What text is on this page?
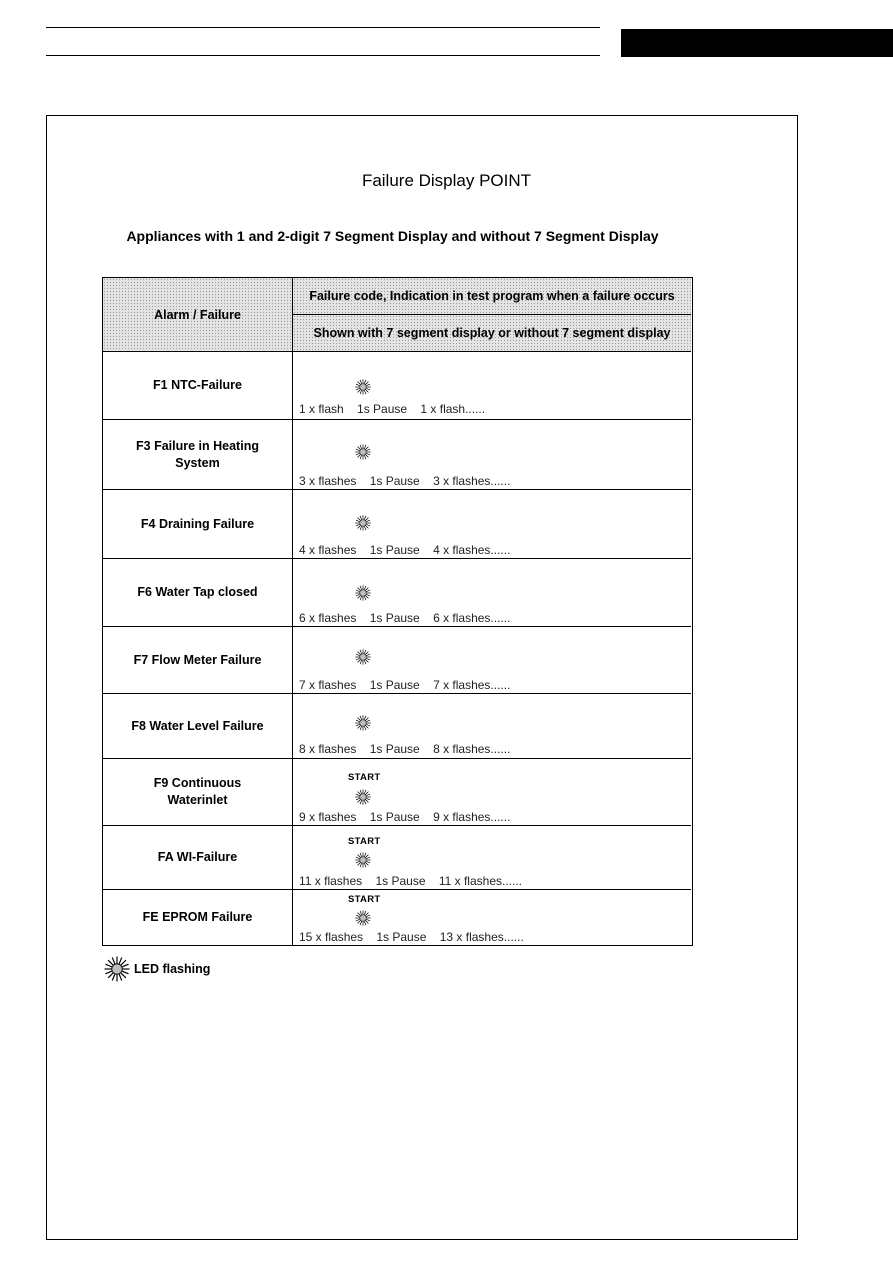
Failure Display POINT
Appliances with 1 and 2-digit 7 Segment Display and without 7 Segment Display
Alarm / Failure
Failure code, Indication in test program when a failure occurs
Shown with 7 segment display or without 7 segment display
F1 NTC-Failure
1 x flash    1s Pause    1 x flash......
F3 Failure in Heating System
3 x flashes    1s Pause    3 x flashes......
F4 Draining Failure
4 x flashes    1s Pause    4 x flashes......
F6 Water Tap closed
6 x flashes    1s Pause    6 x flashes......
F7 Flow Meter Failure
7 x flashes    1s Pause    7 x flashes......
F8 Water Level Failure
8 x flashes    1s Pause    8 x flashes......
F9 Continuous Waterinlet
START
9 x flashes    1s Pause    9 x flashes......
FA WI-Failure
START
11 x flashes    1s Pause    11 x flashes......
FE EPROM Failure
START
15 x flashes    1s Pause    13 x flashes......
LED flashing
